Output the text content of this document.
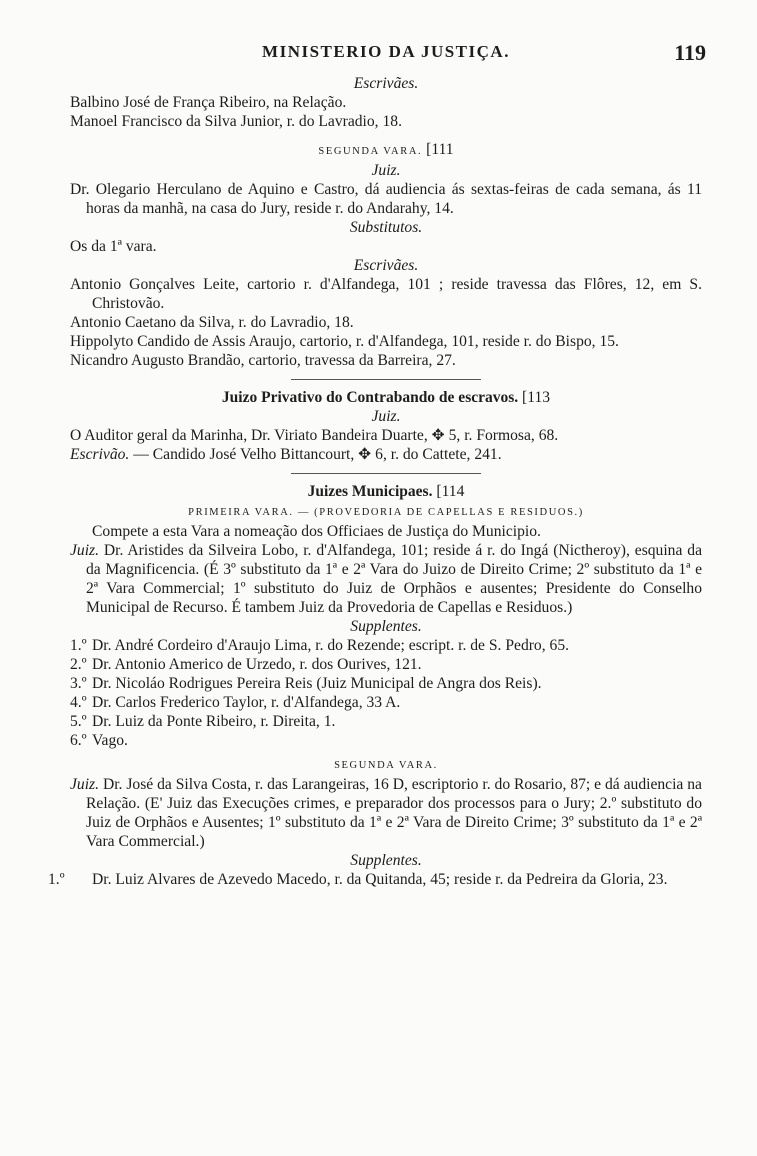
MINISTERIO DA JUSTIÇA.	119
Escrivães.
Balbino José de França Ribeiro, na Relação.
Manoel Francisco da Silva Junior, r. do Lavradio, 18.
SEGUNDA VARA. [111
Juiz.
Dr. Olegario Herculano de Aquino e Castro, dá audiencia ás sextas-feiras de cada semana, ás 11 horas da manhã, na casa do Jury, reside r. do Andarahy, 14.
Substitutos.
Os da 1ª vara.
Escrivães.
Antonio Gonçalves Leite, cartorio r. d'Alfandega, 101 ; reside travessa das Flôres, 12, em S. Christovão.
Antonio Caetano da Silva, r. do Lavradio, 18.
Hippolyto Candido de Assis Araujo, cartorio, r. d'Alfandega, 101, reside r. do Bispo, 15.
Nicandro Augusto Brandão, cartorio, travessa da Barreira, 27.
Juizo Privativo do Contrabando de escravos. [113
Juiz.
O Auditor geral da Marinha, Dr. Viriato Bandeira Duarte, ✥ 5, r. Formosa, 68.
Escrivão. — Candido José Velho Bittancourt, ✥ 6, r. do Cattete, 241.
Juizes Municipaes. [114
PRIMEIRA VARA. — (PROVEDORIA DE CAPELLAS E RESIDUOS.)
Compete a esta Vara a nomeação dos Officiaes de Justiça do Municipio.
Juiz. Dr. Aristides da Silveira Lobo, r. d'Alfandega, 101; reside á r. do Ingá (Nictheroy), esquina da da Magnificencia. (É 3º substituto da 1ª e 2ª Vara do Juizo de Direito Crime; 2º substituto da 1ª e 2ª Vara Commercial; 1º substituto do Juiz de Orphãos e ausentes; Presidente do Conselho Municipal de Recurso. É tambem Juiz da Provedoria de Capellas e Residuos.)
Supplentes.
1.º Dr. André Cordeiro d'Araujo Lima, r. do Rezende; escript. r. de S. Pedro, 65.
2.º Dr. Antonio Americo de Urzedo, r. dos Ourives, 121.
3.º Dr. Nicoláo Rodrigues Pereira Reis (Juiz Municipal de Angra dos Reis).
4.º Dr. Carlos Frederico Taylor, r. d'Alfandega, 33 A.
5.º Dr. Luiz da Ponte Ribeiro, r. Direita, 1.
6.º Vago.
SEGUNDA VARA.
Juiz. Dr. José da Silva Costa, r. das Larangeiras, 16 D, escriptorio r. do Rosario, 87; e dá audiencia na Relação. (E' Juiz das Execuções crimes, e preparador dos processos para o Jury; 2.º substituto do Juiz de Orphãos e Ausentes; 1º substituto da 1ª e 2ª Vara de Direito Crime; 3º substituto da 1ª e 2ª Vara Commercial.)
Supplentes.
1.º Dr. Luiz Alvares de Azevedo Macedo, r. da Quitanda, 45; reside r. da Pedreira da Gloria, 23.
